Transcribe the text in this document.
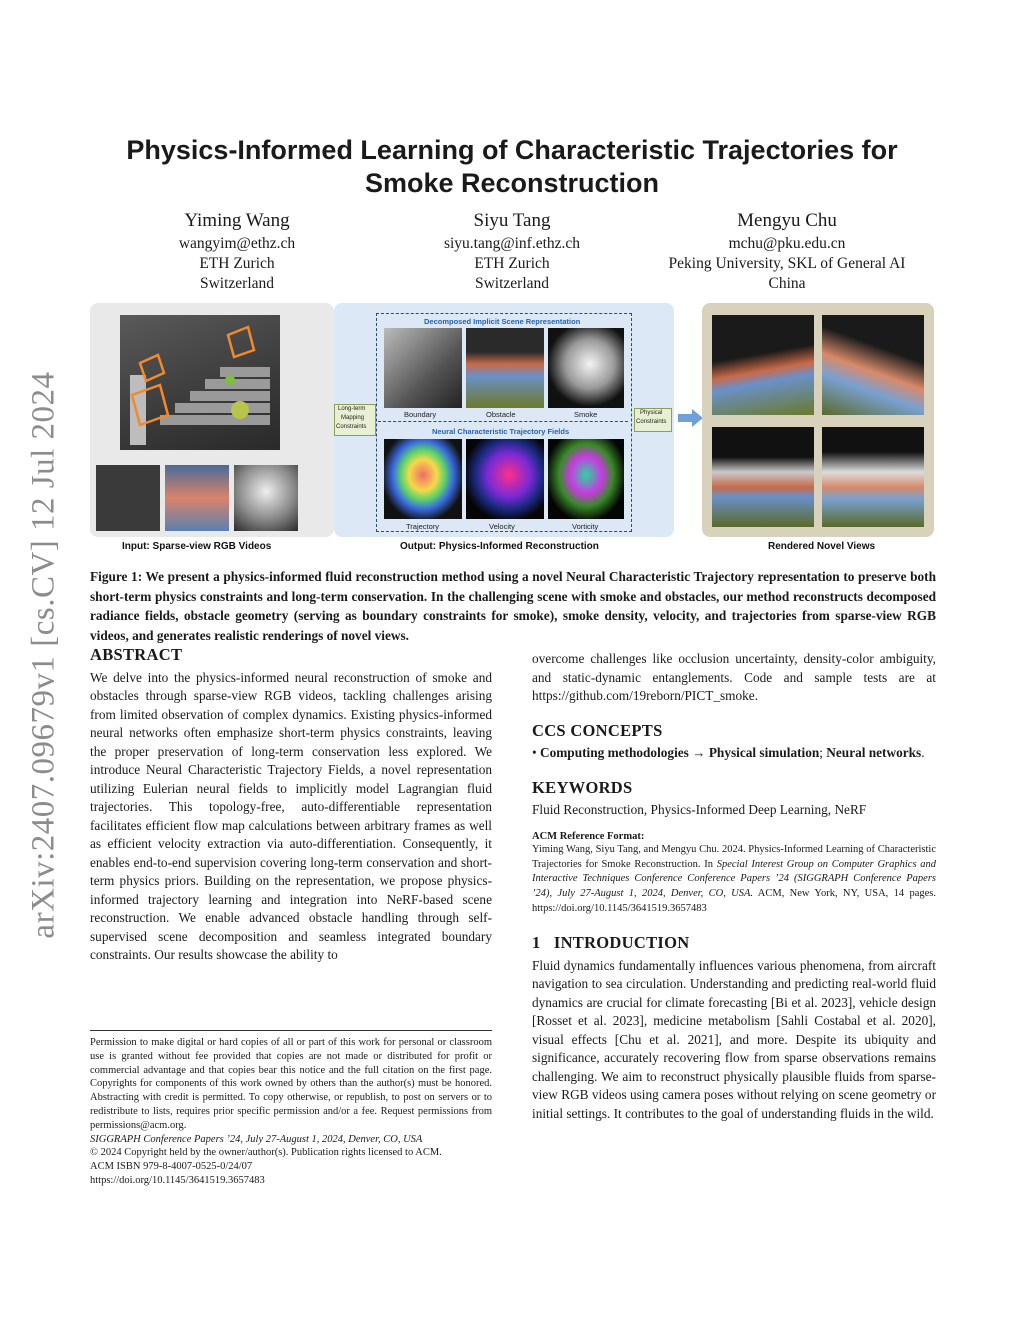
arXiv:2407.09679v1 [cs.CV] 12 Jul 2024
Physics-Informed Learning of Characteristic Trajectories for
Smoke Reconstruction
Yiming Wang
wangyim@ethz.ch
ETH Zurich
Switzerland
Siyu Tang
siyu.tang@inf.ethz.ch
ETH Zurich
Switzerland
Mengyu Chu
mchu@pku.edu.cn
Peking University, SKL of General AI
China
Decomposed Implicit Scene Representation
Boundary	Obstacle	Smoke
Neural Characteristic Trajectory Fields
Trajectory	Velocity	Vorticity
Long-term
Mapping
Constraints
Physical
Constraints
Input: Sparse-view RGB Videos	Output: Physics-Informed Reconstruction	Rendered Novel Views
Figure 1: We present a physics-informed fluid reconstruction method using a novel Neural Characteristic Trajectory representation to preserve both short-term physics constraints and long-term conservation. In the challenging scene with smoke and obstacles, our method reconstructs decomposed radiance fields, obstacle geometry (serving as boundary constraints for smoke), smoke density, velocity, and trajectories from sparse-view RGB videos, and generates realistic renderings of novel views.
ABSTRACT
We delve into the physics-informed neural reconstruction of smoke and obstacles through sparse-view RGB videos, tackling challenges arising from limited observation of complex dynamics. Existing physics-informed neural networks often emphasize short-term physics constraints, leaving the proper preservation of long-term conservation less explored. We introduce Neural Characteristic Trajectory Fields, a novel representation utilizing Eulerian neural fields to implicitly model Lagrangian fluid trajectories. This topology-free, auto-differentiable representation facilitates efficient flow map calculations between arbitrary frames as well as efficient velocity extraction via auto-differentiation. Consequently, it enables end-to-end supervision covering long-term conservation and short-term physics priors. Building on the representation, we propose physics-informed trajectory learning and integration into NeRF-based scene reconstruction. We enable advanced obstacle handling through self-supervised scene decomposition and seamless integrated boundary constraints. Our results showcase the ability to
Permission to make digital or hard copies of all or part of this work for personal or classroom use is granted without fee provided that copies are not made or distributed for profit or commercial advantage and that copies bear this notice and the full citation on the first page. Copyrights for components of this work owned by others than the author(s) must be honored. Abstracting with credit is permitted. To copy otherwise, or republish, to post on servers or to redistribute to lists, requires prior specific permission and/or a fee. Request permissions from permissions@acm.org.
SIGGRAPH Conference Papers ’24, July 27-August 1, 2024, Denver, CO, USA
© 2024 Copyright held by the owner/author(s). Publication rights licensed to ACM.
ACM ISBN 979-8-4007-0525-0/24/07
https://doi.org/10.1145/3641519.3657483
overcome challenges like occlusion uncertainty, density-color ambiguity, and static-dynamic entanglements. Code and sample tests are at https://github.com/19reborn/PICT_smoke.
CCS CONCEPTS
• Computing methodologies → Physical simulation; Neural networks.
KEYWORDS
Fluid Reconstruction, Physics-Informed Deep Learning, NeRF
ACM Reference Format:
Yiming Wang, Siyu Tang, and Mengyu Chu. 2024. Physics-Informed Learning of Characteristic Trajectories for Smoke Reconstruction. In Special Interest Group on Computer Graphics and Interactive Techniques Conference Conference Papers ’24 (SIGGRAPH Conference Papers ’24), July 27-August 1, 2024, Denver, CO, USA. ACM, New York, NY, USA, 14 pages. https://doi.org/10.1145/3641519.3657483
1 INTRODUCTION
Fluid dynamics fundamentally influences various phenomena, from aircraft navigation to sea circulation. Understanding and predicting real-world fluid dynamics are crucial for climate forecasting [Bi et al. 2023], vehicle design [Rosset et al. 2023], medicine metabolism [Sahli Costabal et al. 2020], visual effects [Chu et al. 2021], and more. Despite its ubiquity and significance, accurately recovering flow from sparse observations remains challenging. We aim to reconstruct physically plausible fluids from sparse-view RGB videos using camera poses without relying on scene geometry or initial settings. It contributes to the goal of understanding fluids in the wild.
